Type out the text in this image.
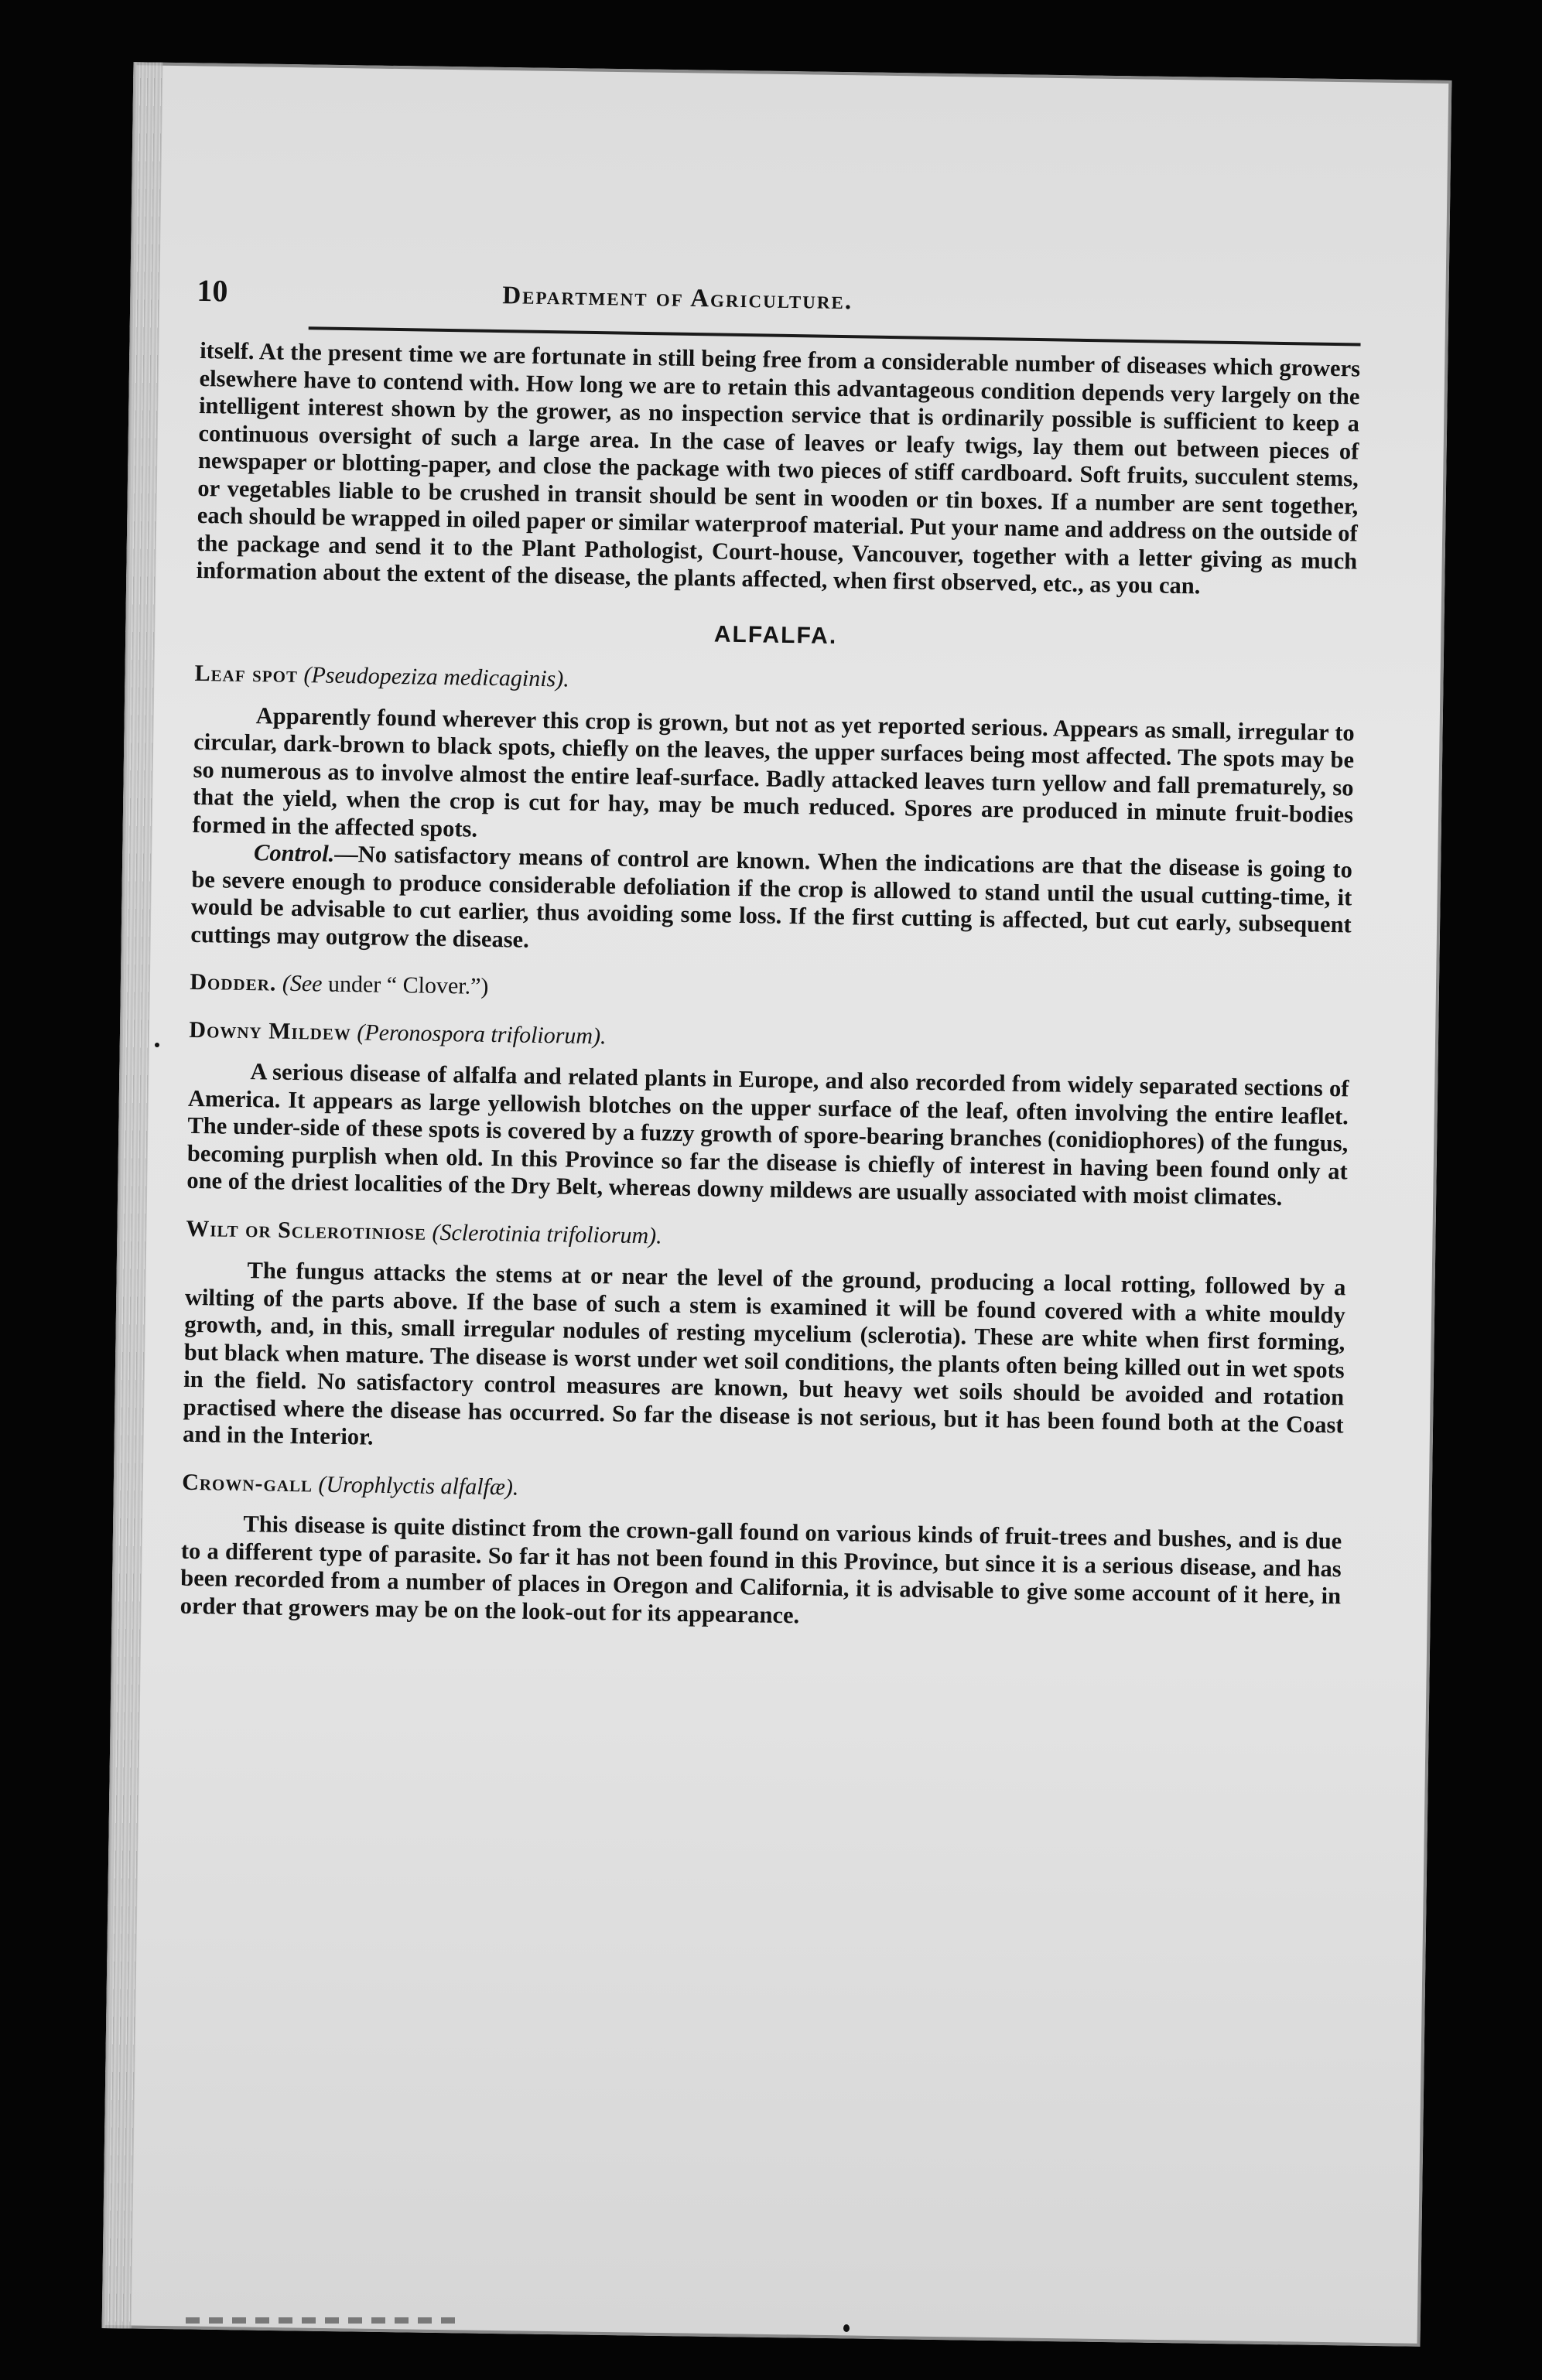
10	Department of Agriculture.

itself. At the present time we are fortunate in still being free from a considerable number of diseases which growers elsewhere have to contend with. How long we are to retain this advantageous condition depends very largely on the intelligent interest shown by the grower, as no inspection service that is ordinarily possible is sufficient to keep a continuous oversight of such a large area. In the case of leaves or leafy twigs, lay them out between pieces of newspaper or blotting-paper, and close the package with two pieces of stiff cardboard. Soft fruits, succulent stems, or vegetables liable to be crushed in transit should be sent in wooden or tin boxes. If a number are sent together, each should be wrapped in oiled paper or similar waterproof material. Put your name and address on the outside of the package and send it to the Plant Pathologist, Court-house, Vancouver, together with a letter giving as much information about the extent of the disease, the plants affected, when first observed, etc., as you can.

ALFALFA.
Leaf spot (Pseudopeziza medicaginis).

Apparently found wherever this crop is grown, but not as yet reported serious. Appears as small, irregular to circular, dark-brown to black spots, chiefly on the leaves, the upper surfaces being most affected. The spots may be so numerous as to involve almost the entire leaf-surface. Badly attacked leaves turn yellow and fall prematurely, so that the yield, when the crop is cut for hay, may be much reduced. Spores are produced in minute fruit-bodies formed in the affected spots.

Control.—No satisfactory means of control are known. When the indications are that the disease is going to be severe enough to produce considerable defoliation if the crop is allowed to stand until the usual cutting-time, it would be advisable to cut earlier, thus avoiding some loss. If the first cutting is affected, but cut early, subsequent cuttings may outgrow the disease.

Dodder. (See under “ Clover.”)
Downy Mildew (Peronospora trifoliorum).

A serious disease of alfalfa and related plants in Europe, and also recorded from widely separated sections of America. It appears as large yellowish blotches on the upper surface of the leaf, often involving the entire leaflet. The under-side of these spots is covered by a fuzzy growth of spore-bearing branches (conidiophores) of the fungus, becoming purplish when old. In this Province so far the disease is chiefly of interest in having been found only at one of the driest localities of the Dry Belt, whereas downy mildews are usually associated with moist climates.

Wilt or Sclerotiniose (Sclerotinia trifoliorum).

The fungus attacks the stems at or near the level of the ground, producing a local rotting, followed by a wilting of the parts above. If the base of such a stem is examined it will be found covered with a white mouldy growth, and, in this, small irregular nodules of resting mycelium (sclerotia). These are white when first forming, but black when mature. The disease is worst under wet soil conditions, the plants often being killed out in wet spots in the field. No satisfactory control measures are known, but heavy wet soils should be avoided and rotation practised where the disease has occurred. So far the disease is not serious, but it has been found both at the Coast and in the Interior.

Crown-gall (Urophlyctis alfalfæ).

This disease is quite distinct from the crown-gall found on various kinds of fruit-trees and bushes, and is due to a different type of parasite. So far it has not been found in this Province, but since it is a serious disease, and has been recorded from a number of places in Oregon and California, it is advisable to give some account of it here, in order that growers may be on the look-out for its appearance.
